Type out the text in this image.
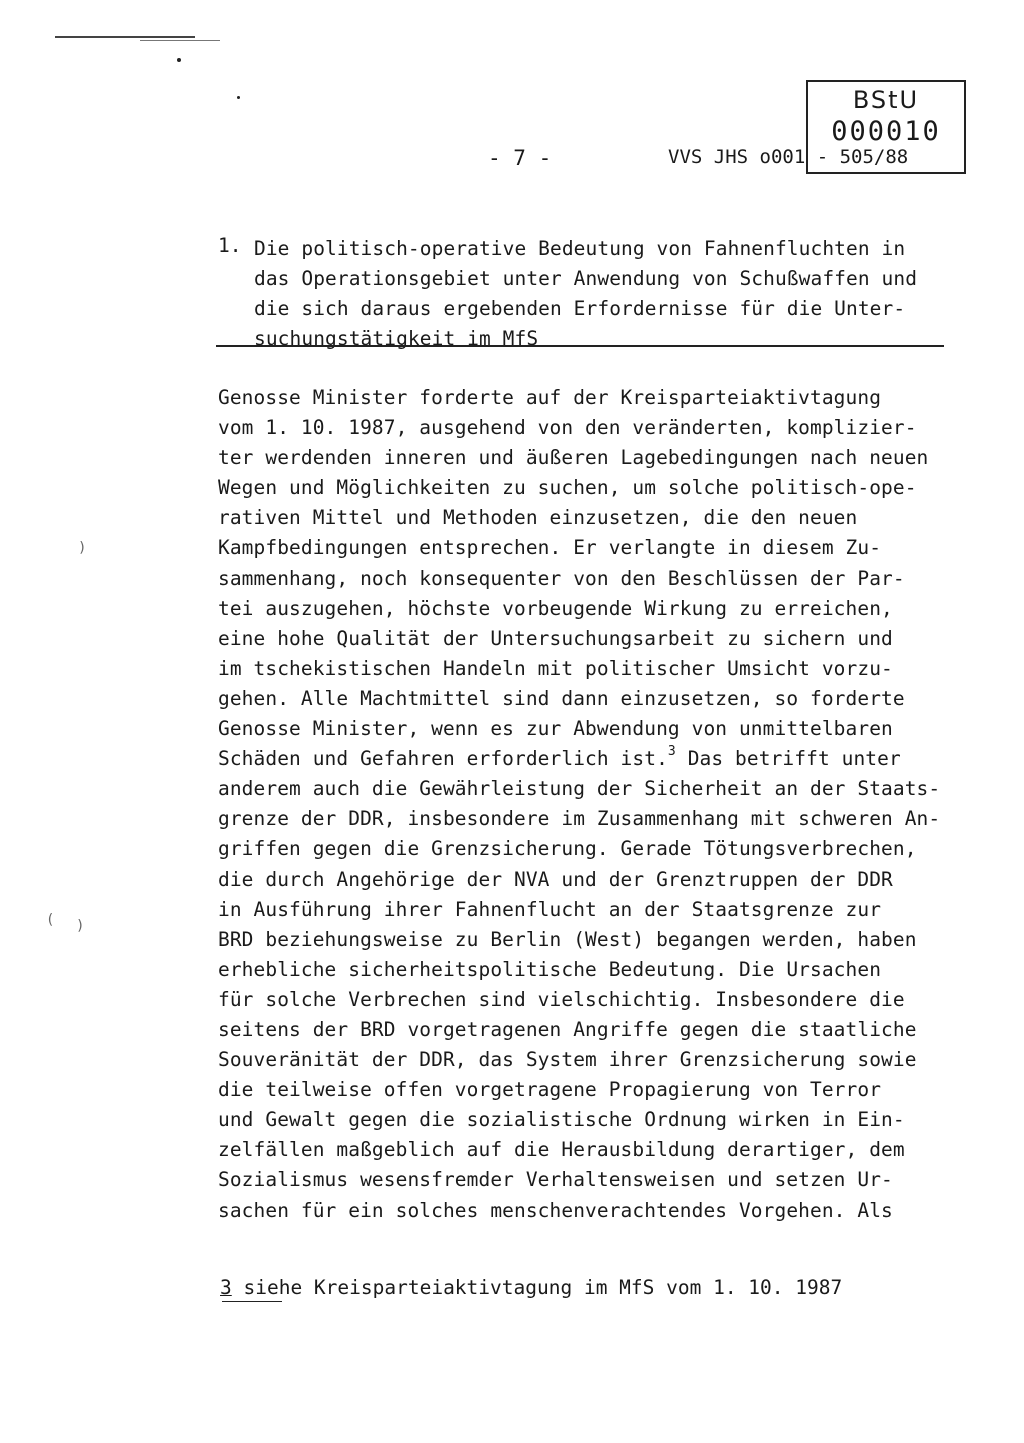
BStU
000010
- 7 -	VVS JHS o001 - 505/88
1. Die politisch-operative Bedeutung von Fahnenfluchten in
das Operationsgebiet unter Anwendung von Schußwaffen und
die sich daraus ergebenden Erfordernisse für die Unter-
suchungstätigkeit im MfS
Genosse Minister forderte auf der Kreisparteiaktivtagung
vom 1. 10. 1987, ausgehend von den veränderten, komplizier-
ter werdenden inneren und äußeren Lagebedingungen nach neuen
Wegen und Möglichkeiten zu suchen, um solche politisch-ope-
rativen Mittel und Methoden einzusetzen, die den neuen
Kampfbedingungen entsprechen. Er verlangte in diesem Zu-
sammenhang, noch konsequenter von den Beschlüssen der Par-
tei auszugehen, höchste vorbeugende Wirkung zu erreichen,
eine hohe Qualität der Untersuchungsarbeit zu sichern und
im tschekistischen Handeln mit politischer Umsicht vorzu-
gehen. Alle Machtmittel sind dann einzusetzen, so forderte
Genosse Minister, wenn es zur Abwendung von unmittelbaren
Schäden und Gefahren erforderlich ist.$^3$ Das betrifft unter
anderem auch die Gewährleistung der Sicherheit an der Staats-
grenze der DDR, insbesondere im Zusammenhang mit schweren An-
griffen gegen die Grenzsicherung. Gerade Tötungsverbrechen,
die durch Angehörige der NVA und der Grenztruppen der DDR
in Ausführung ihrer Fahnenflucht an der Staatsgrenze zur
BRD beziehungsweise zu Berlin (West) begangen werden, haben
erhebliche sicherheitspolitische Bedeutung. Die Ursachen
für solche Verbrechen sind vielschichtig. Insbesondere die
seitens der BRD vorgetragenen Angriffe gegen die staatliche
Souveränität der DDR, das System ihrer Grenzsicherung sowie
die teilweise offen vorgetragene Propagierung von Terror
und Gewalt gegen die sozialistische Ordnung wirken in Ein-
zelfällen maßgeblich auf die Herausbildung derartiger, dem
Sozialismus wesensfremder Verhaltensweisen und setzen Ur-
sachen für ein solches menschenverachtendes Vorgehen. Als
3 siehe Kreisparteiaktivtagung im MfS vom 1. 10. 1987
)
( )
